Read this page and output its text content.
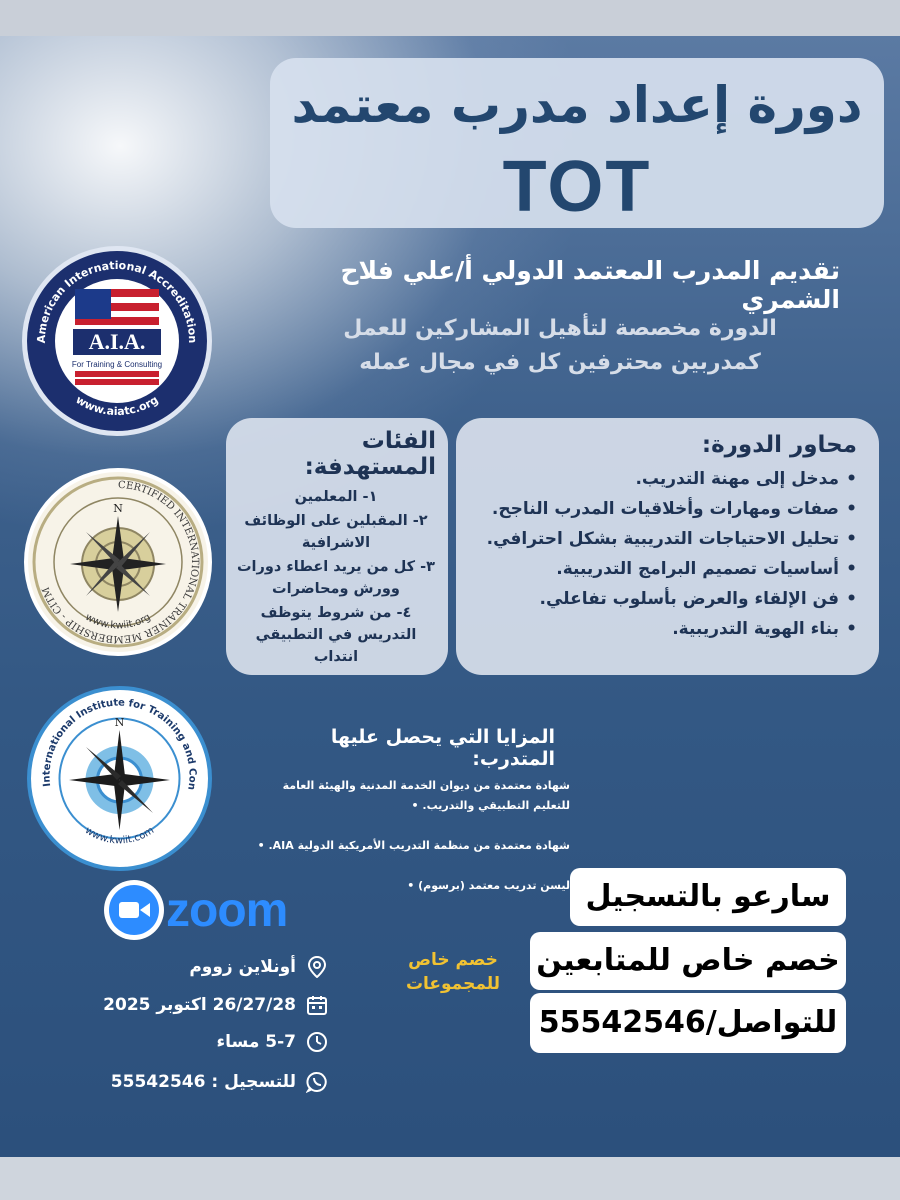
دورة إعداد مدرب معتمد
TOT
تقديم المدرب المعتمد الدولي أ/علي فلاح الشمري
الدورة مخصصة لتأهيل المشاركين للعمل
كمدربين محترفين كل في مجال عمله
American International Accreditation
www.aiatc.org
A.I.A.
For Training & Consulting
CERTIFIED INTERNATIONAL TRAINER MEMBERSHIP - CITM
N
www.kwiit.org
International Institute for Training and Con
N
www.kwiit.com
محاور الدورة:
• مدخل إلى مهنة التدريب.
• صفات ومهارات وأخلاقيات المدرب الناجح.
• تحليل الاحتياجات التدريبية بشكل احترافي.
• أساسيات تصميم البرامج التدريبية.
• فن الإلقاء والعرض بأسلوب تفاعلي.
• بناء الهوية التدريبية.
الفئات المستهدفة:
١- المعلمين
٢- المقبلين على الوظائف الاشرافية
٣- كل من يريد اعطاء دورات وورش ومحاضرات
٤- من شروط يتوظف التدريس في التطبيقي انتداب
المزايا التي يحصل عليها المتدرب:
شهادة معتمدة من ديوان الخدمة المدنية والهيئة العامة للتعليم التطبيقي والتدريب. •
شهادة معتمدة من منظمة التدريب الأمريكية الدولية AIA. •
ليسن تدريب معتمد (برسوم) •
zoom
أونلاين زووم
26/27/28 اكتوبر 2025
5-7 مساء
للتسجيل : 55542546
خصم خاص
للمجموعات
سارعو بالتسجيل
خصم خاص للمتابعين
للتواصل/55542546
